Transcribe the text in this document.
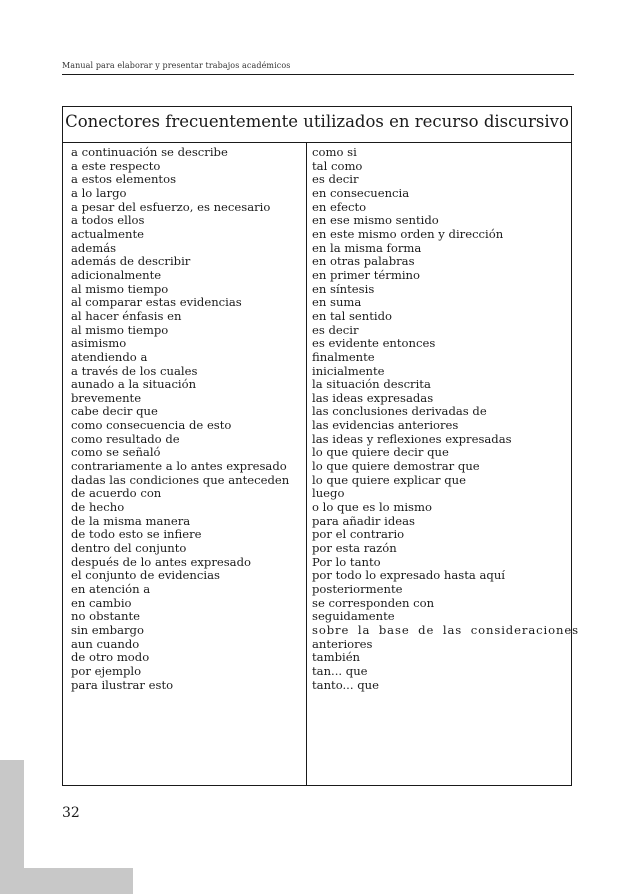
Manual para elaborar y presentar trabajos académicos
Conectores frecuentemente utilizados en recurso discursivo
a continuación se describe
a este respecto
a estos elementos
a lo largo
a pesar del esfuerzo, es necesario
a todos ellos
actualmente
además
además de describir
adicionalmente
al mismo tiempo
al comparar estas evidencias
al hacer énfasis en
al mismo tiempo
asimismo
atendiendo a
a través de los cuales
aunado a la situación
brevemente
cabe decir que
como consecuencia de esto
como resultado de
como se señaló
contrariamente a lo antes expresado
dadas las condiciones que anteceden
de acuerdo con
de hecho
de la misma manera
de todo esto se infiere
dentro del conjunto
después de lo antes expresado
el conjunto de evidencias
en atención a
en cambio
no obstante
sin embargo
aun cuando
de otro modo
por ejemplo
para ilustrar esto
como si
tal como
es decir
en consecuencia
en efecto
en ese mismo sentido
en este mismo orden y dirección
en la misma forma
en otras palabras
en primer término
en síntesis
en suma
en tal sentido
es decir
es evidente entonces
finalmente
inicialmente
la situación descrita
las ideas expresadas
las conclusiones derivadas de
las evidencias anteriores
las ideas y reflexiones expresadas
lo que quiere decir que
lo que quiere demostrar que
lo que quiere explicar que
luego
o lo que es lo mismo
para añadir ideas
por el contrario
por esta razón
Por lo tanto
por todo lo expresado hasta aquí
posteriormente
se corresponden con
seguidamente
sobre la base de las consideraciones
anteriores
también
tan... que
tanto... que
32
